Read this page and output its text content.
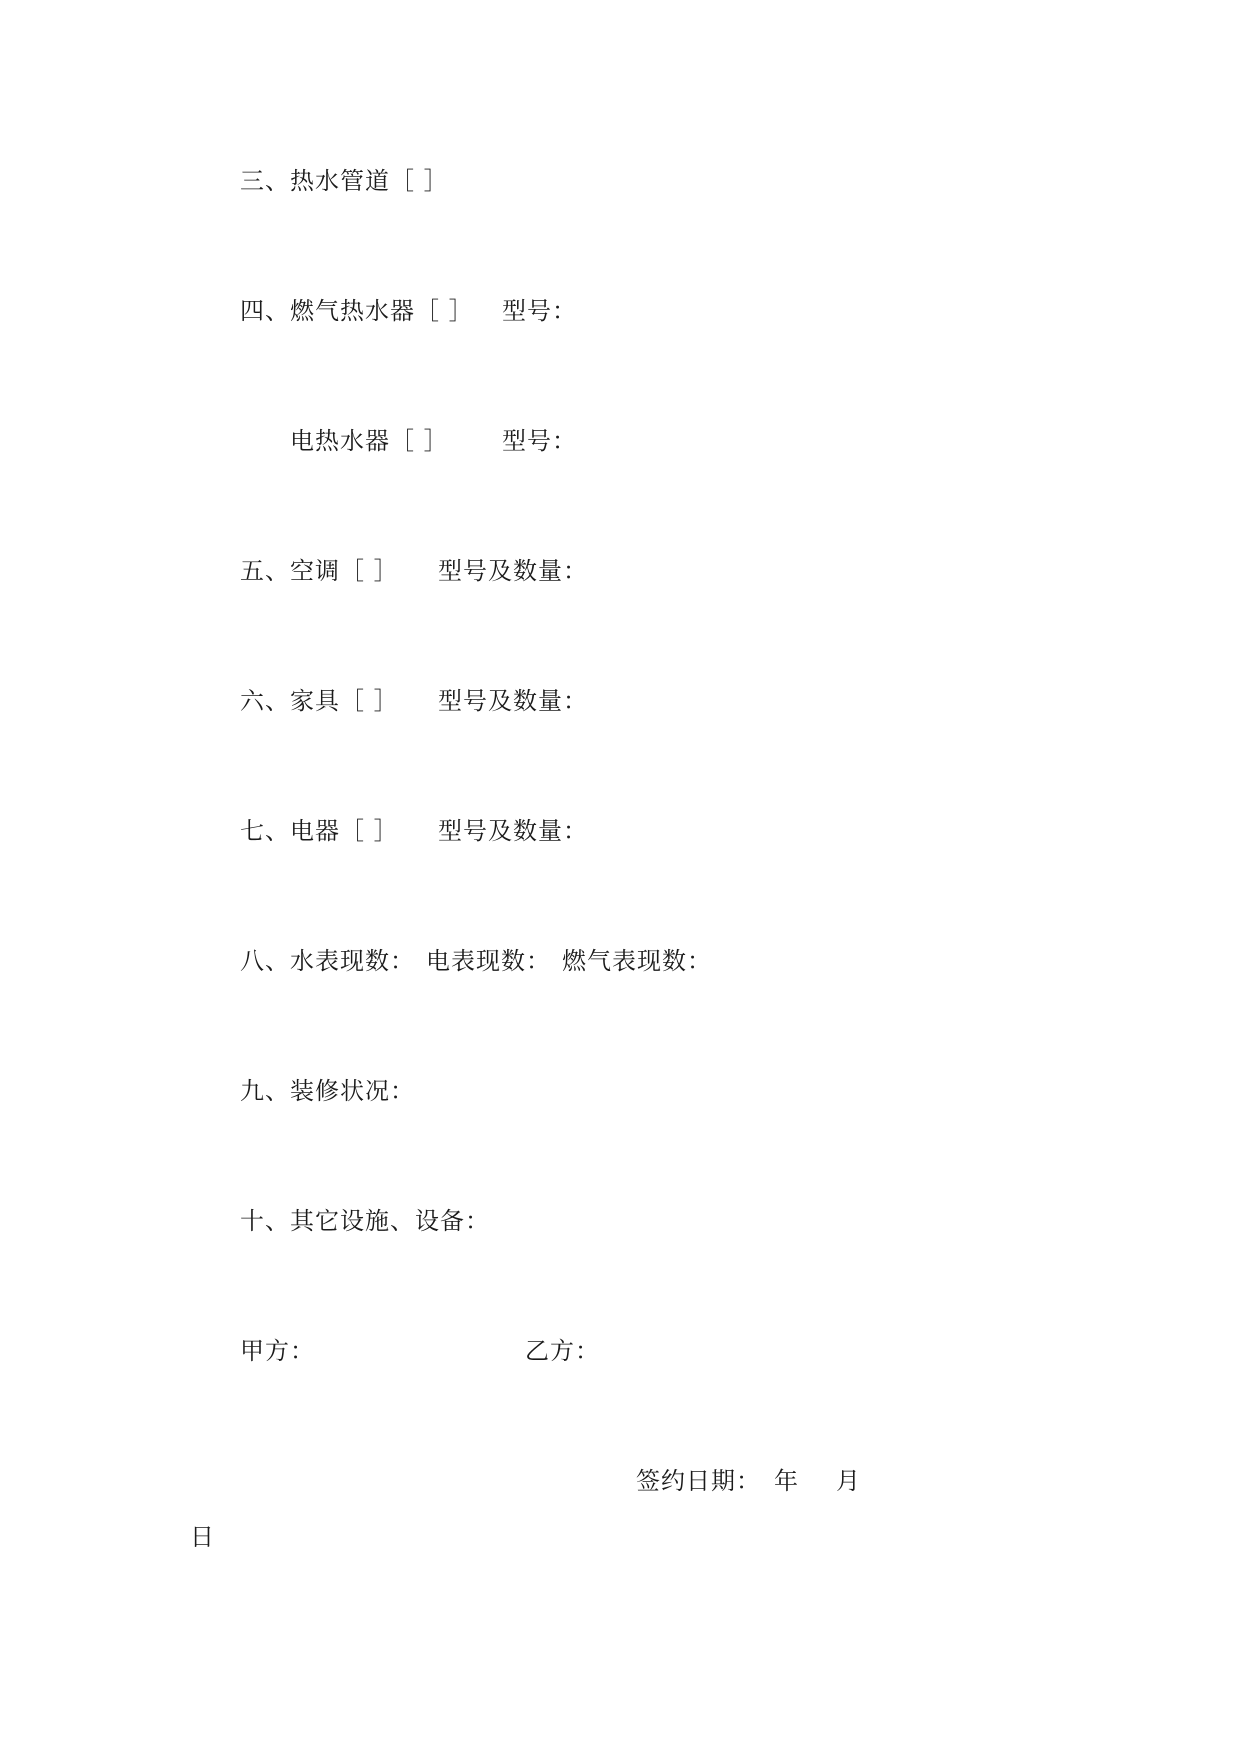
三、热水管道［ ］

四、燃气热水器［ ］

型号：

电热水器［ ］

型号：

五、空调［ ］

型号及数量：

六、家具［ ］

型号及数量：

七、电器［ ］

型号及数量：

八、水表现数：

电表现数：

燃气表现数：

九、装修状况：

十、其它设施、设备：

甲方：

	乙方：

签约日期：

年

月

日
